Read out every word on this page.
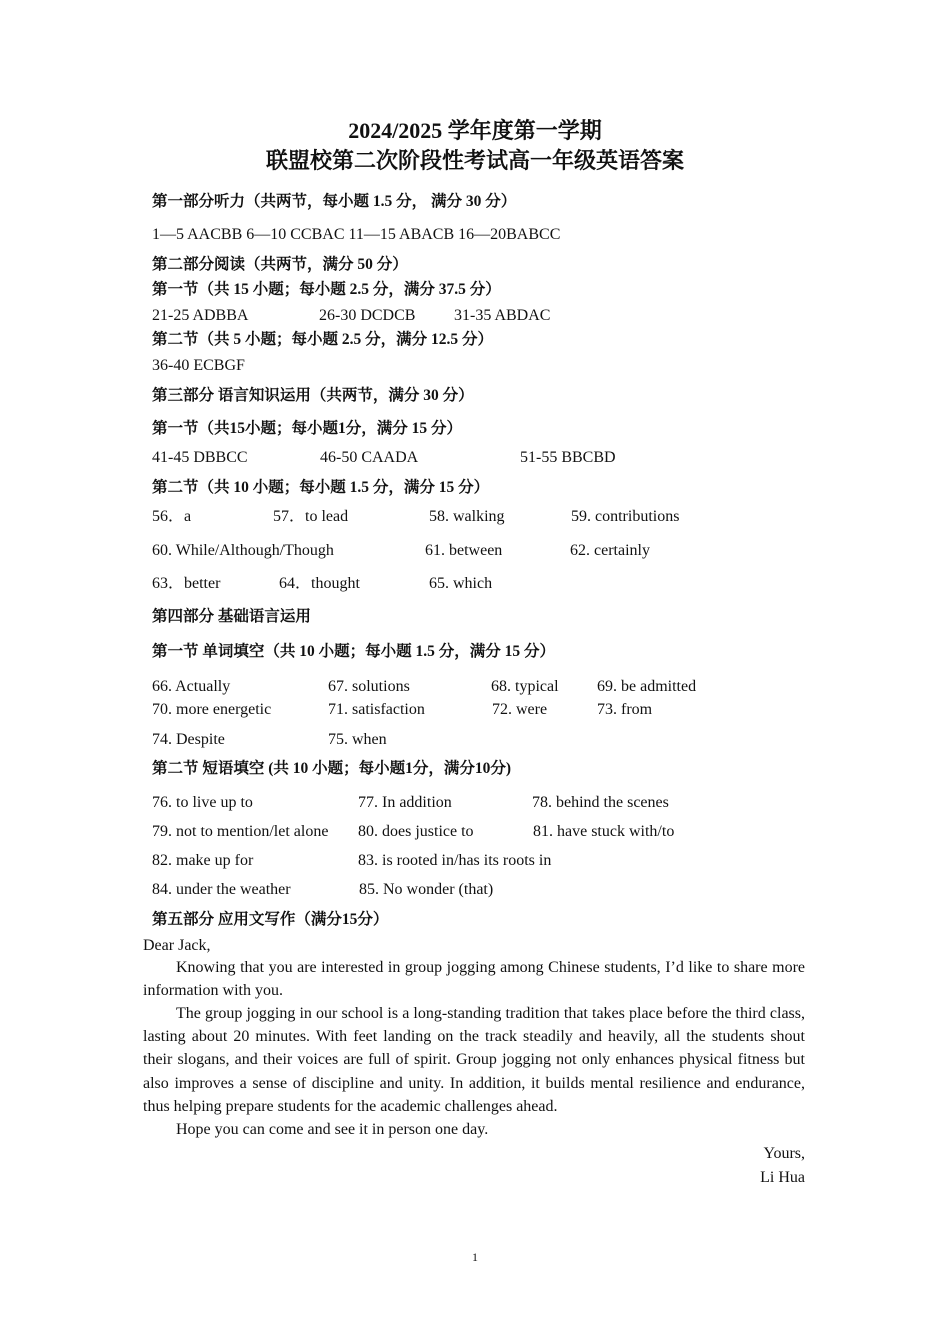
2024/2025 学年度第一学期
联盟校第二次阶段性考试高一年级英语答案
第一部分听力（共两节，每小题 1.5 分， 满分 30 分）
1—5 AACBB 6—10 CCBAC 11—15 ABACB 16—20BABCC
第二部分阅读（共两节，满分 50 分）
第一节（共 15 小题；每小题 2.5 分，满分 37.5 分）
21-25 ADBBA	26-30 DCDCB 31-35 ABDAC
第二节（共 5 小题；每小题 2.5 分，满分 12.5 分）
36-40 ECBGF
第三部分 语言知识运用（共两节，满分 30 分）
第一节（共15小题；每小题1分，满分 15 分）
41-45 DBBCC	46-50 CAADA	51-55 BBCBD
第二节（共 10 小题；每小题 1.5 分，满分 15 分）
56．a	57．to lead	58. walking	59. contributions
60. While/Although/Though	61. between	62. certainly
63．better	64．thought	65. which
第四部分 基础语言运用
第一节 单词填空（共 10 小题；每小题 1.5 分，满分 15 分）
66. Actually	67. solutions	68. typical 69. be admitted
70. more energetic	71. satisfaction	72. were	73. from
74. Despite	75. when
第二节 短语填空 (共 10 小题；每小题1分，满分10分)
76. to live up to	77. In addition	78. behind the scenes
79. not to mention/let alone 80. does justice to	81. have stuck with/to
82. make up for	83. is rooted in/has its roots in
84. under the weather	85. No wonder (that)
第五部分 应用文写作（满分15分）
Dear Jack,
Knowing that you are interested in group jogging among Chinese students, I’d like to share more information with you.
The group jogging in our school is a long-standing tradition that takes place before the third class, lasting about 20 minutes. With feet landing on the track steadily and heavily, all the students shout their slogans, and their voices are full of spirit. Group jogging not only enhances physical fitness but also improves a sense of discipline and unity. In addition, it builds mental resilience and endurance, thus helping prepare students for the academic challenges ahead.
Hope you can come and see it in person one day.
Yours,
Li Hua
1
